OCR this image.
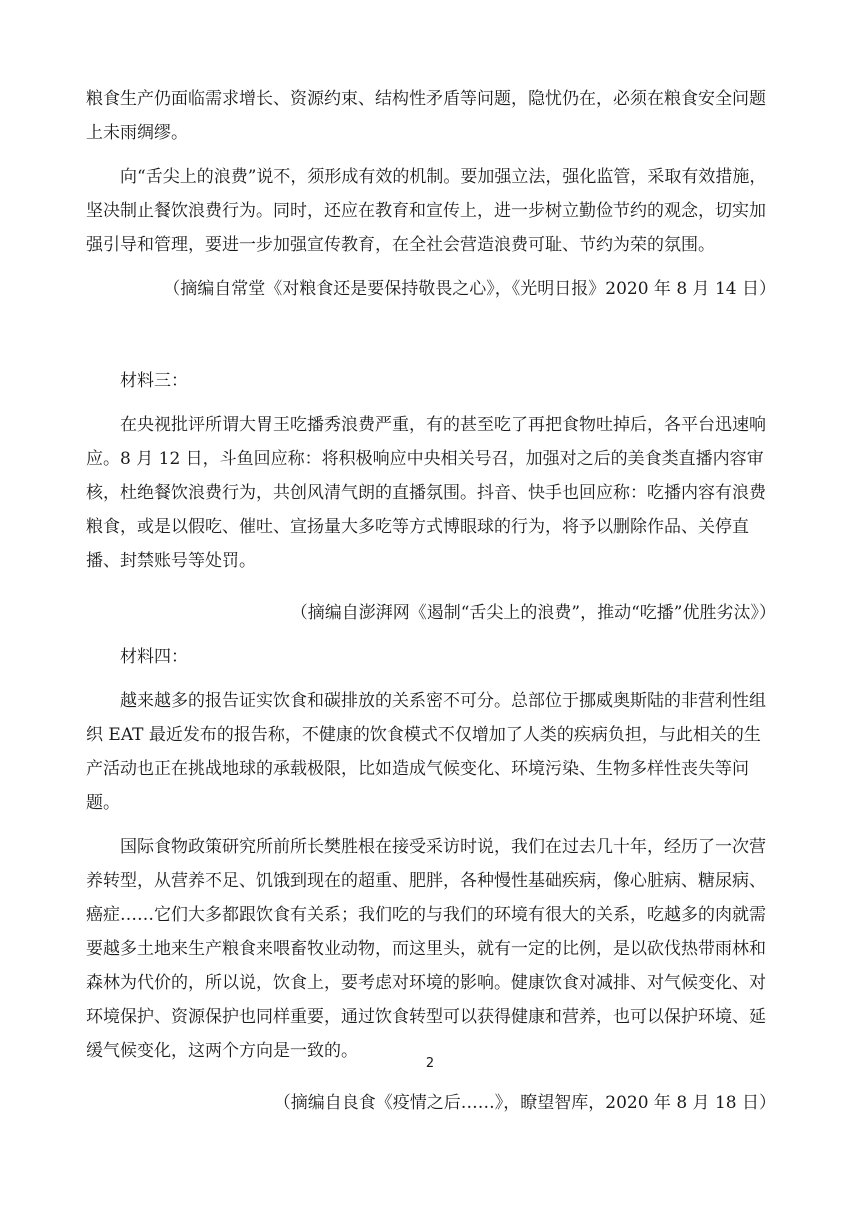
粮食生产仍面临需求增长、资源约束、结构性矛盾等问题，隐忧仍在，必须在粮食安全问题上未雨绸缪。

向“舌尖上的浪费”说不，须形成有效的机制。要加强立法，强化监管，采取有效措施，坚决制止餐饮浪费行为。同时，还应在教育和宣传上，进一步树立勤俭节约的观念，切实加强引导和管理，要进一步加强宣传教育，在全社会营造浪费可耻、节约为荣的氛围。

（摘编自常堂《对粮食还是要保持敬畏之心》，《光明日报》2020 年 8 月 14 日）

材料三：

在央视批评所谓大胃王吃播秀浪费严重，有的甚至吃了再把食物吐掉后，各平台迅速响应。8 月 12 日，斗鱼回应称：将积极响应中央相关号召，加强对之后的美食类直播内容审核，杜绝餐饮浪费行为，共创风清气朗的直播氛围。抖音、快手也回应称：吃播内容有浪费粮食，或是以假吃、催吐、宣扬量大多吃等方式博眼球的行为，将予以删除作品、关停直播、封禁账号等处罚。

（摘编自澎湃网《遏制“舌尖上的浪费”，推动“吃播”优胜劣汰》）

材料四：

越来越多的报告证实饮食和碳排放的关系密不可分。总部位于挪威奥斯陆的非营利性组织 EAT 最近发布的报告称，不健康的饮食模式不仅增加了人类的疾病负担，与此相关的生产活动也正在挑战地球的承载极限，比如造成气候变化、环境污染、生物多样性丧失等问题。

国际食物政策研究所前所长樊胜根在接受采访时说，我们在过去几十年，经历了一次营养转型，从营养不足、饥饿到现在的超重、肥胖，各种慢性基础疾病，像心脏病、糖尿病、癌症……它们大多都跟饮食有关系；我们吃的与我们的环境有很大的关系，吃越多的肉就需要越多土地来生产粮食来喂畜牧业动物，而这里头，就有一定的比例，是以砍伐热带雨林和森林为代价的，所以说，饮食上，要考虑对环境的影响。健康饮食对减排、对气候变化、对环境保护、资源保护也同样重要，通过饮食转型可以获得健康和营养，也可以保护环境、延缓气候变化，这两个方向是一致的。

（摘编自良食《疫情之后……》，瞭望智库，2020 年 8 月 18 日）

2
